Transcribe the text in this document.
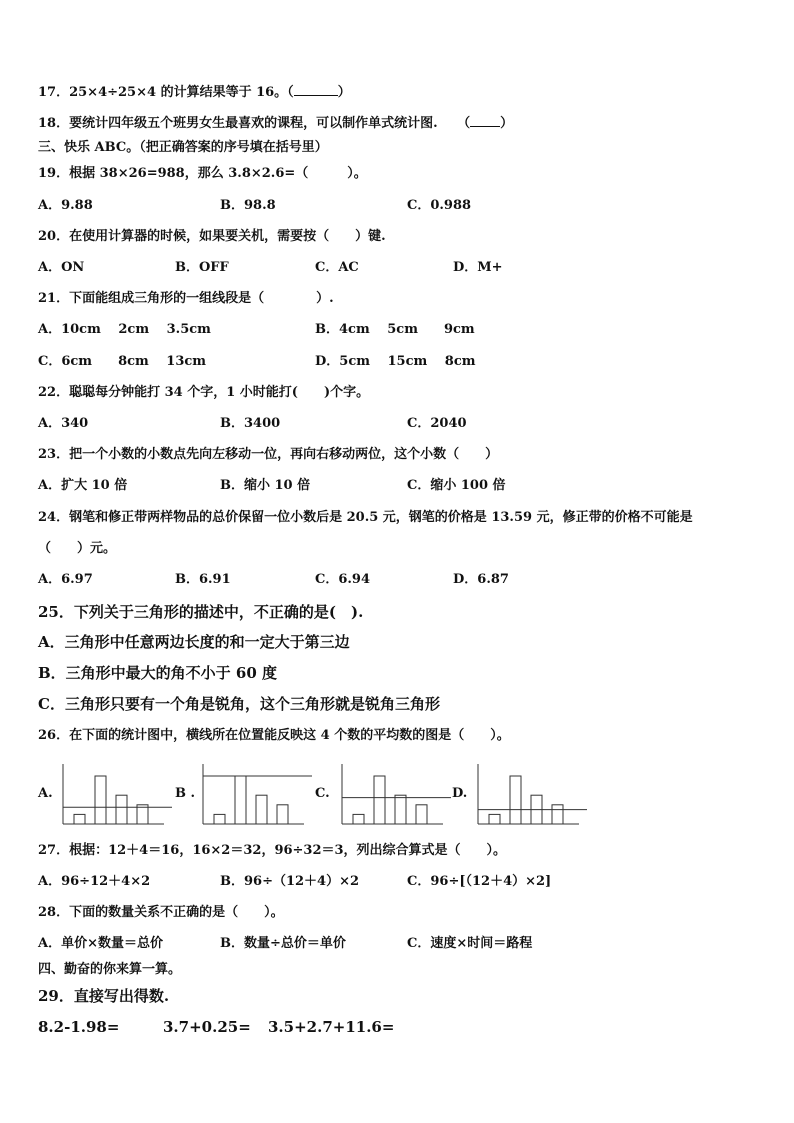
17．25×4÷25×4 的计算结果等于 16。（	）
18．要统计四年级五个班男女生最喜欢的课程，可以制作单式统计图.　　（ ）
三、快乐 ABC。（把正确答案的序号填在括号里）
19．根据 38×26=988，那么 3.8×2.6=（　　　）。
A．9.88	B．98.8	C．0.988
20．在使用计算器的时候，如果要关机，需要按（　　）键.
A．ON	B．OFF	C．AC	D．M+
21．下面能组成三角形的一组线段是（　　　　）.
A．10cm　 2cm　 3.5cm	B．4cm　 5cm　　9cm
C．6cm　　8cm　 13cm	D．5cm　 15cm　 8cm
22．聪聪每分钟能打 34 个字，1 小时能打(　　)个字。
A．340	B．3400	C．2040
23．把一个小数的小数点先向左移动一位，再向右移动两位，这个小数（　　）
A．扩大 10 倍	B．缩小 10 倍	C．缩小 100 倍
24．钢笔和修正带两样物品的总价保留一位小数后是 20.5 元，钢笔的价格是 13.59 元，修正带的价格不可能是
（　　）元。
A．6.97	B．6.91	C．6.94	D．6.87
25．下列关于三角形的描述中，不正确的是(　).
A．三角形中任意两边长度的和一定大于第三边
B．三角形中最大的角不小于 60 度
C．三角形只要有一个角是锐角，这个三角形就是锐角三角形
26．在下面的统计图中，横线所在位置能反映这 4 个数的平均数的图是（　　）。
A.	B .	C.	D.
27．根据：12＋4＝16，16×2＝32，96÷32＝3，列出综合算式是（　　）。
A．96÷12＋4×2	B．96÷（12＋4）×2	C．96÷[（12＋4）×2]
28．下面的数量关系不正确的是（　　）。
A．单价×数量＝总价	B．数量÷总价＝单价	C．速度×时间＝路程
四、勤奋的你来算一算。
29．直接写出得数.
8.2-1.98=	3.7+0.25= 3.5+2.7+11.6=
